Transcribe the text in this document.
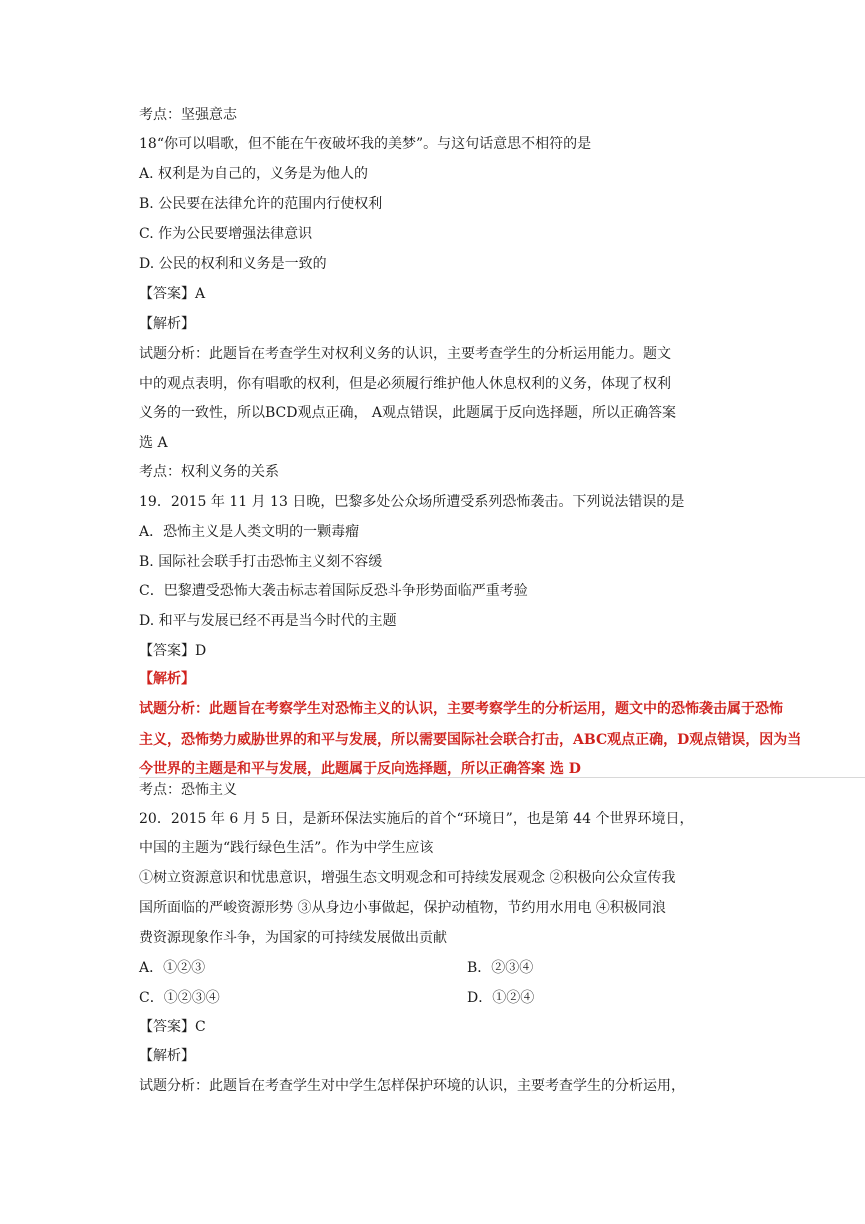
考点：坚强意志
18“你可以唱歌，但不能在午夜破坏我的美梦”。与这句话意思不相符的是
A. 权利是为自己的，义务是为他人的
B. 公民要在法律允许的范围内行使权利
C. 作为公民要增强法律意识
D. 公民的权利和义务是一致的
【答案】A
【解析】
试题分析：此题旨在考查学生对权利义务的认识，主要考查学生的分析运用能力。题文
中的观点表明，你有唱歌的权利，但是必须履行维护他人休息权利的义务，体现了权利
义务的一致性，所以BCD观点正确， A观点错误，此题属于反向选择题，所以正确答案
选 A
考点：权利义务的关系
19．2015 年 11 月 13 日晚，巴黎多处公众场所遭受系列恐怖袭击。下列说法错误的是
A．恐怖主义是人类文明的一颗毒瘤
B. 国际社会联手打击恐怖主义刻不容缓
C．巴黎遭受恐怖大袭击标志着国际反恐斗争形势面临严重考验
D. 和平与发展已经不再是当今时代的主题
【答案】D
【解析】
试题分析：此题旨在考察学生对恐怖主义的认识，主要考察学生的分析运用，题文中的恐怖袭击属于恐怖
主义，恐怖势力威胁世界的和平与发展，所以需要国际社会联合打击，ABC观点正确，D观点错误，因为当
今世界的主题是和平与发展，此题属于反向选择题，所以正确答案 选 D
考点：恐怖主义
20．2015 年 6 月 5 日，是新环保法实施后的首个“环境日”，也是第 44 个世界环境日，
中国的主题为“践行绿色生活”。作为中学生应该
①树立资源意识和忧患意识，增强生态文明观念和可持续发展观念 ②积极向公众宣传我
国所面临的严峻资源形势 ③从身边小事做起，保护动植物，节约用水用电 ④积极同浪
费资源现象作斗争，为国家的可持续发展做出贡献
A．①②③	B．②③④
C．①②③④	D．①②④
【答案】C
【解析】
试题分析：此题旨在考查学生对中学生怎样保护环境的认识，主要考查学生的分析运用，
